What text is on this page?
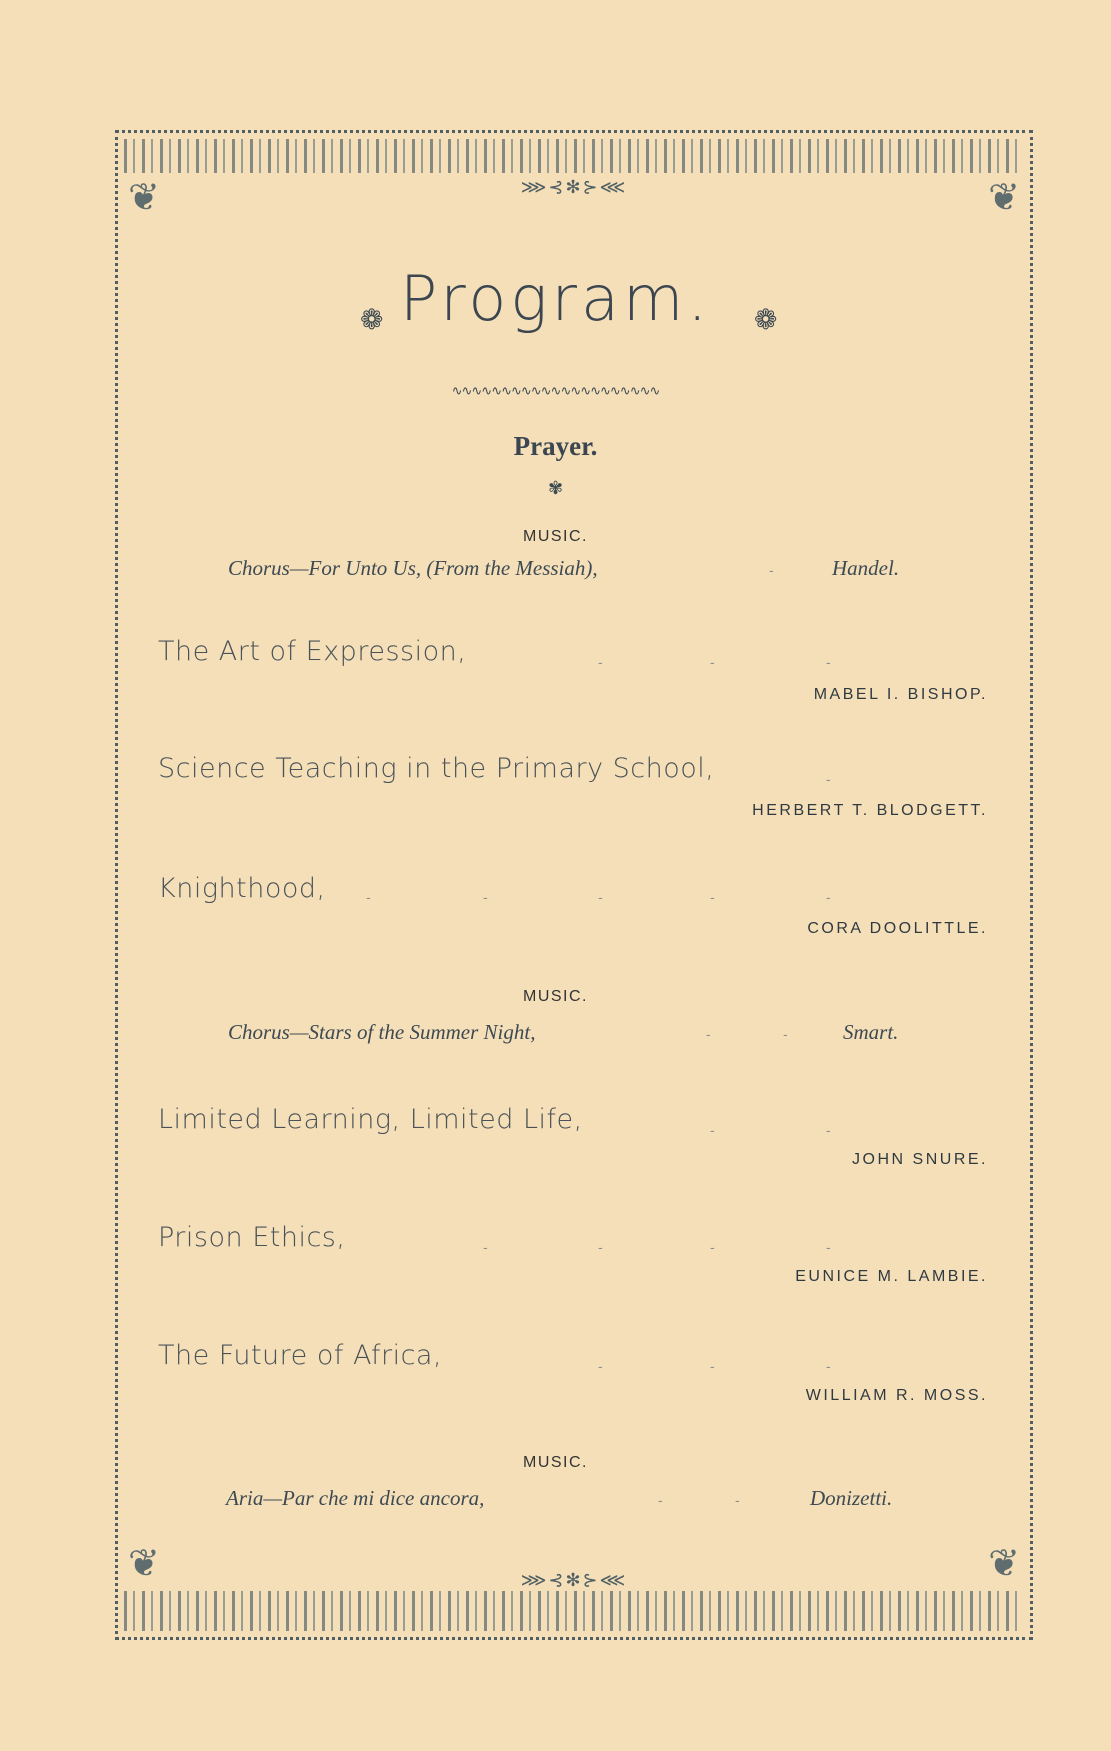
⋙⊰✻⊱⋘
⋙⊰✻⊱⋘
❦	❦
❦	❦
❁ Program.	❁
∿∿∿∿∿∿∿∿∿∿∿∿∿∿∿∿∿∿∿∿∿
Prayer.
✾
MUSIC.
Chorus—For Unto Us, (From the Messiah),	-	Handel.
The Art of Expression,	-	-	-
MABEL I. BISHOP.
Science Teaching in the Primary School,	-
HERBERT T. BLODGETT.
Knighthood,	-	-	-	-	-
CORA DOOLITTLE.
MUSIC.
Chorus—Stars of the Summer Night,	-	-	Smart.
Limited Learning, Limited Life,	-	-
JOHN SNURE.
Prison Ethics,	-	-	-	-
EUNICE M. LAMBIE.
The Future of Africa,	-	-	-
WILLIAM R. MOSS.
MUSIC.
Aria—Par che mi dice ancora,	-	-	Donizetti.
